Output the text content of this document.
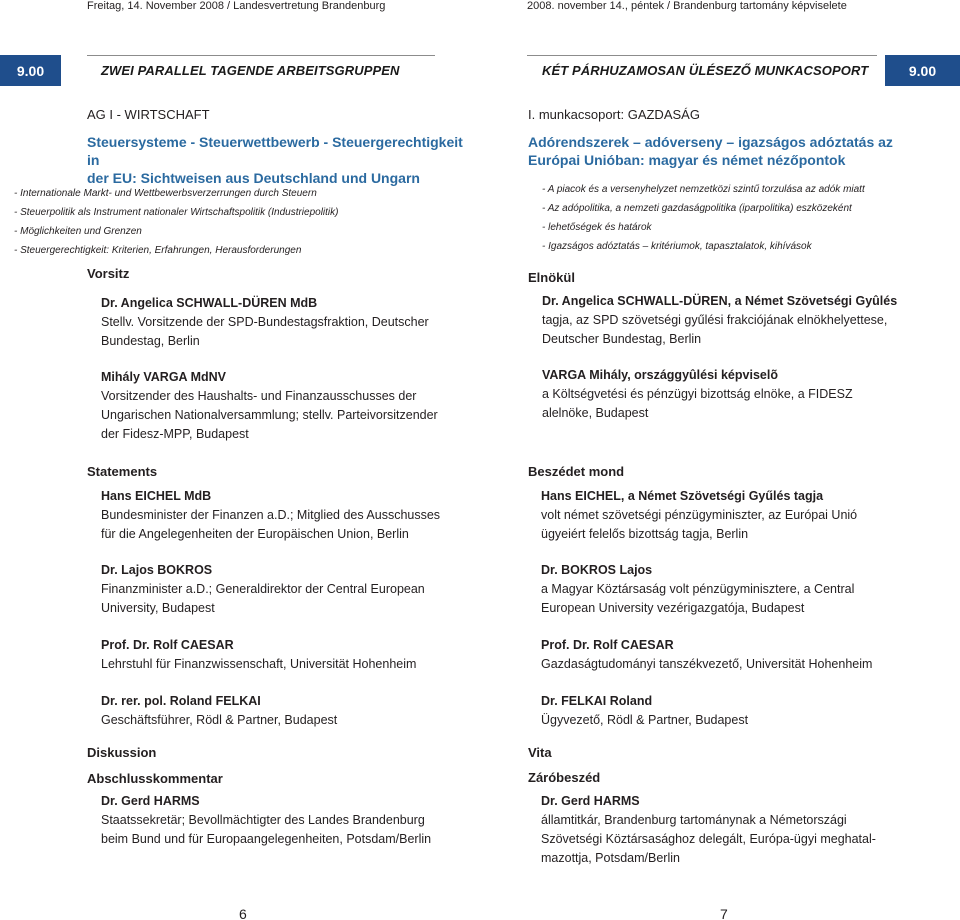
Freitag, 14. November 2008 / Landesvertretung Brandenburg
9.00	ZWEI PARALLEL TAGENDE ARBEITSGRUPPEN
AG I - WIRTSCHAFT
Steuersysteme - Steuerwettbewerb - Steuergerechtigkeit in
der EU: Sichtweisen aus Deutschland und Ungarn
- Internationale Markt- und Wettbewerbsverzerrungen durch Steuern
- Steuerpolitik als Instrument nationaler Wirtschaftspolitik (Industriepolitik)
- Möglichkeiten und Grenzen
- Steuergerechtigkeit: Kriterien, Erfahrungen, Herausforderungen
Vorsitz
Dr. Angelica SCHWALL-DÜREN MdB
Stellv. Vorsitzende der SPD-Bundestagsfraktion, Deutscher
Bundestag, Berlin
Mihály VARGA MdNV
Vorsitzender des Haushalts- und Finanzausschusses der
Ungarischen Nationalversammlung; stellv. Parteivorsitzender
der Fidesz-MPP, Budapest
Statements
Hans EICHEL MdB
Bundesminister der Finanzen a.D.; Mitglied des Ausschusses
für die Angelegenheiten der Europäischen Union, Berlin
Dr. Lajos BOKROS
Finanzminister a.D.; Generaldirektor der Central European
University, Budapest
Prof. Dr. Rolf CAESAR
Lehrstuhl für Finanzwissenschaft, Universität Hohenheim
Dr. rer. pol. Roland FELKAI
Geschäftsführer, Rödl & Partner, Budapest
Diskussion
Abschlusskommentar
Dr. Gerd HARMS
Staatssekretär; Bevollmächtigter des Landes Brandenburg
beim Bund und für Europaangelegenheiten, Potsdam/Berlin
6
2008. november 14., péntek / Brandenburg tartomány képviselete
9.00
KÉT PÁRHUZAMOSAN ÜLÉSEZŐ MUNKACSOPORT
I. munkacsoport: GAZDASÁG
Adórendszerek – adóverseny – igazságos adóztatás az
Európai Unióban: magyar és német nézőpontok
- A piacok és a versenyhelyzet nemzetközi szintű torzulása az adók miatt
- Az adópolitika, a nemzeti gazdaságpolitika (iparpolitika) eszközeként
- lehetőségek és határok
- Igazságos adóztatás – kritériumok, tapasztalatok, kihívások
Elnökül
Dr. Angelica SCHWALL-DÜREN, a Német Szövetségi Gyûlés
tagja, az SPD szövetségi gyűlési frakciójának elnökhelyettese,
Deutscher Bundestag, Berlin
VARGA Mihály, országgyûlési képviselõ
a Költségvetési és pénzügyi bizottság elnöke, a FIDESZ
alelnöke, Budapest
Beszédet mond
Hans EICHEL, a Német Szövetségi Gyűlés tagja
volt német szövetségi pénzügyminiszter, az Európai Unió
ügyeiért felelős bizottság tagja, Berlin
Dr. BOKROS Lajos
a Magyar Köztársaság volt pénzügyminisztere, a Central
European University vezérigazgatója, Budapest
Prof. Dr. Rolf CAESAR
Gazdaságtudományi tanszékvezető, Universität Hohenheim
Dr. FELKAI Roland
Ügyvezető, Rödl & Partner, Budapest
Vita
Záróbeszéd
Dr. Gerd HARMS
államtitkár, Brandenburg tartománynak a Németországi
Szövetségi Köztársasághoz delegált, Európa-ügyi meghatal-
mazottja, Potsdam/Berlin
7
